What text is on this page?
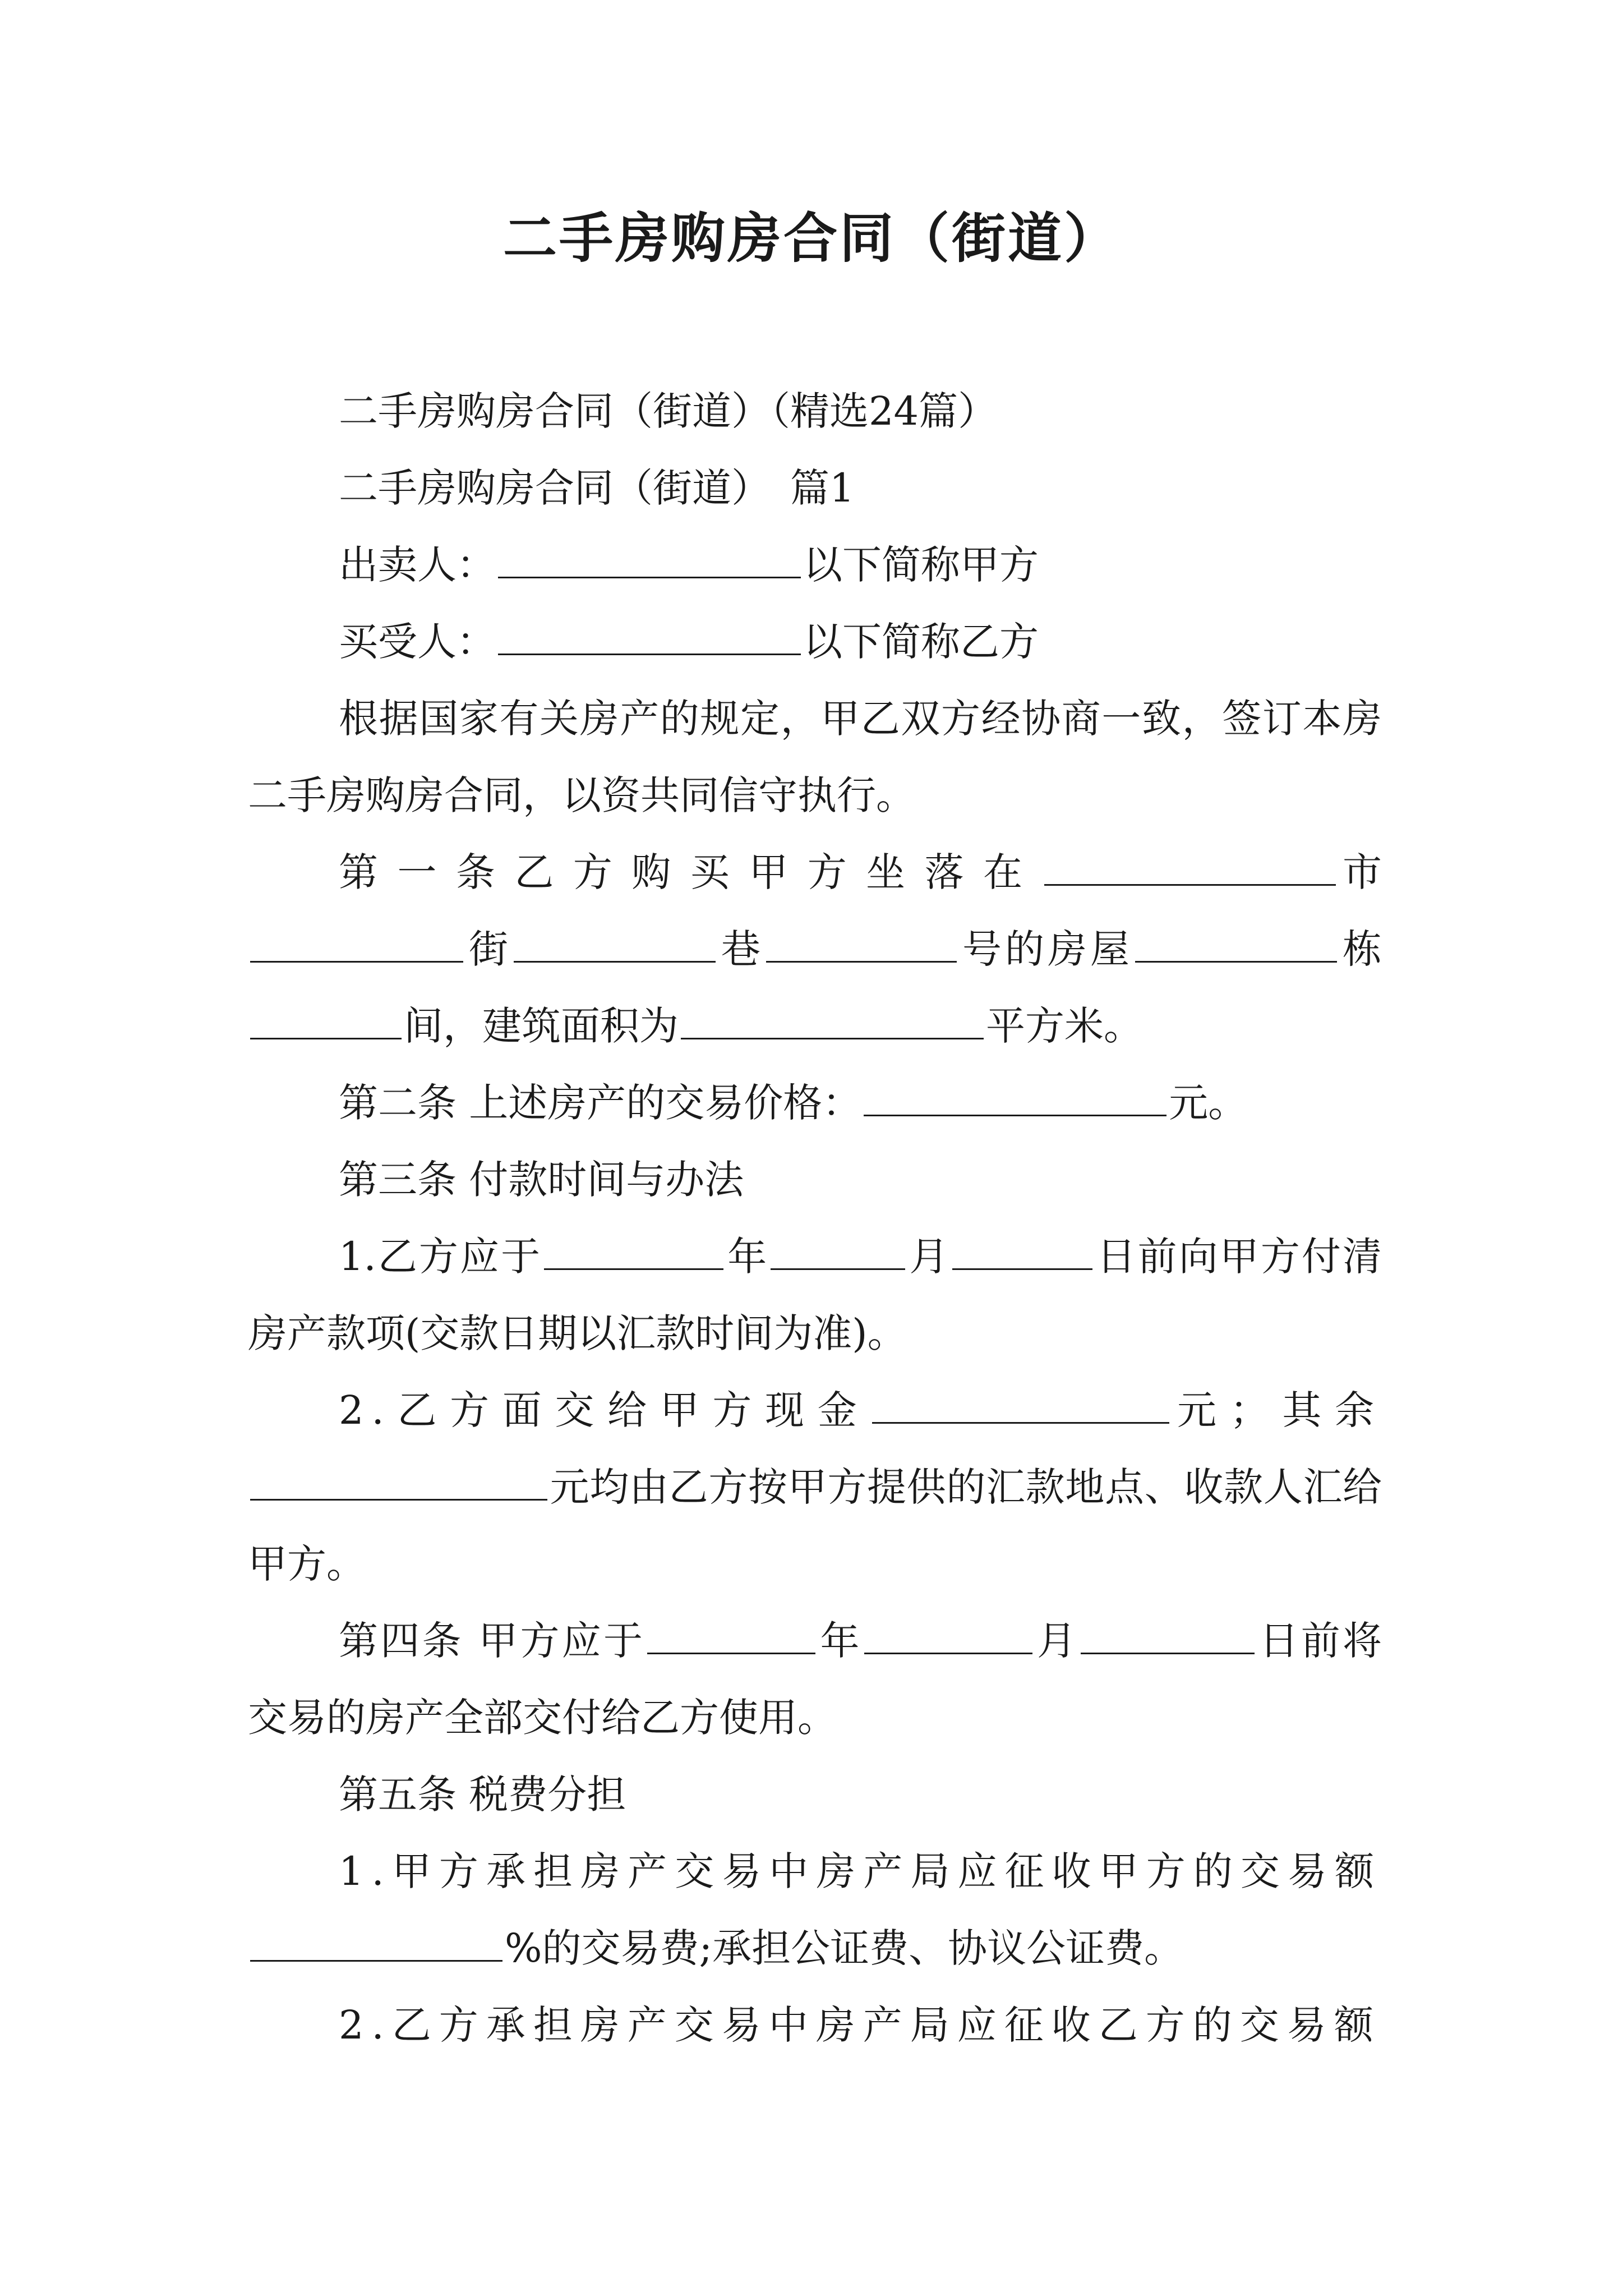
二手房购房合同（街道）

二手房购房合同（街道）（精选24篇）

二手房购房合同（街道）　篇1

出卖人：	以下简称甲方

买受人：	以下简称乙方

根据国家有关房产的规定，甲乙双方经协商一致，签订本房二手房购房合同，以资共同信守执行。

第一条乙方购买甲方坐落在	市街	巷	号的房屋	栋间，建筑面积为	平方米。

第二条 上述房产的交易价格：	元。

第三条 付款时间与办法

1.乙方应于	年	月	日前向甲方付清房产款项(交款日期以汇款时间为准)。

2.乙方面交给甲方现金	元；其余元均由乙方按甲方提供的汇款地点、收款人汇给甲方。

第四条 甲方应于	年	月	日前将交易的房产全部交付给乙方使用。

第五条 税费分担

1.甲方承担房产交易中房产局应征收甲方的交易额%的交易费;承担公证费、协议公证费。

2.乙方承担房产交易中房产局应征收乙方的交易额
